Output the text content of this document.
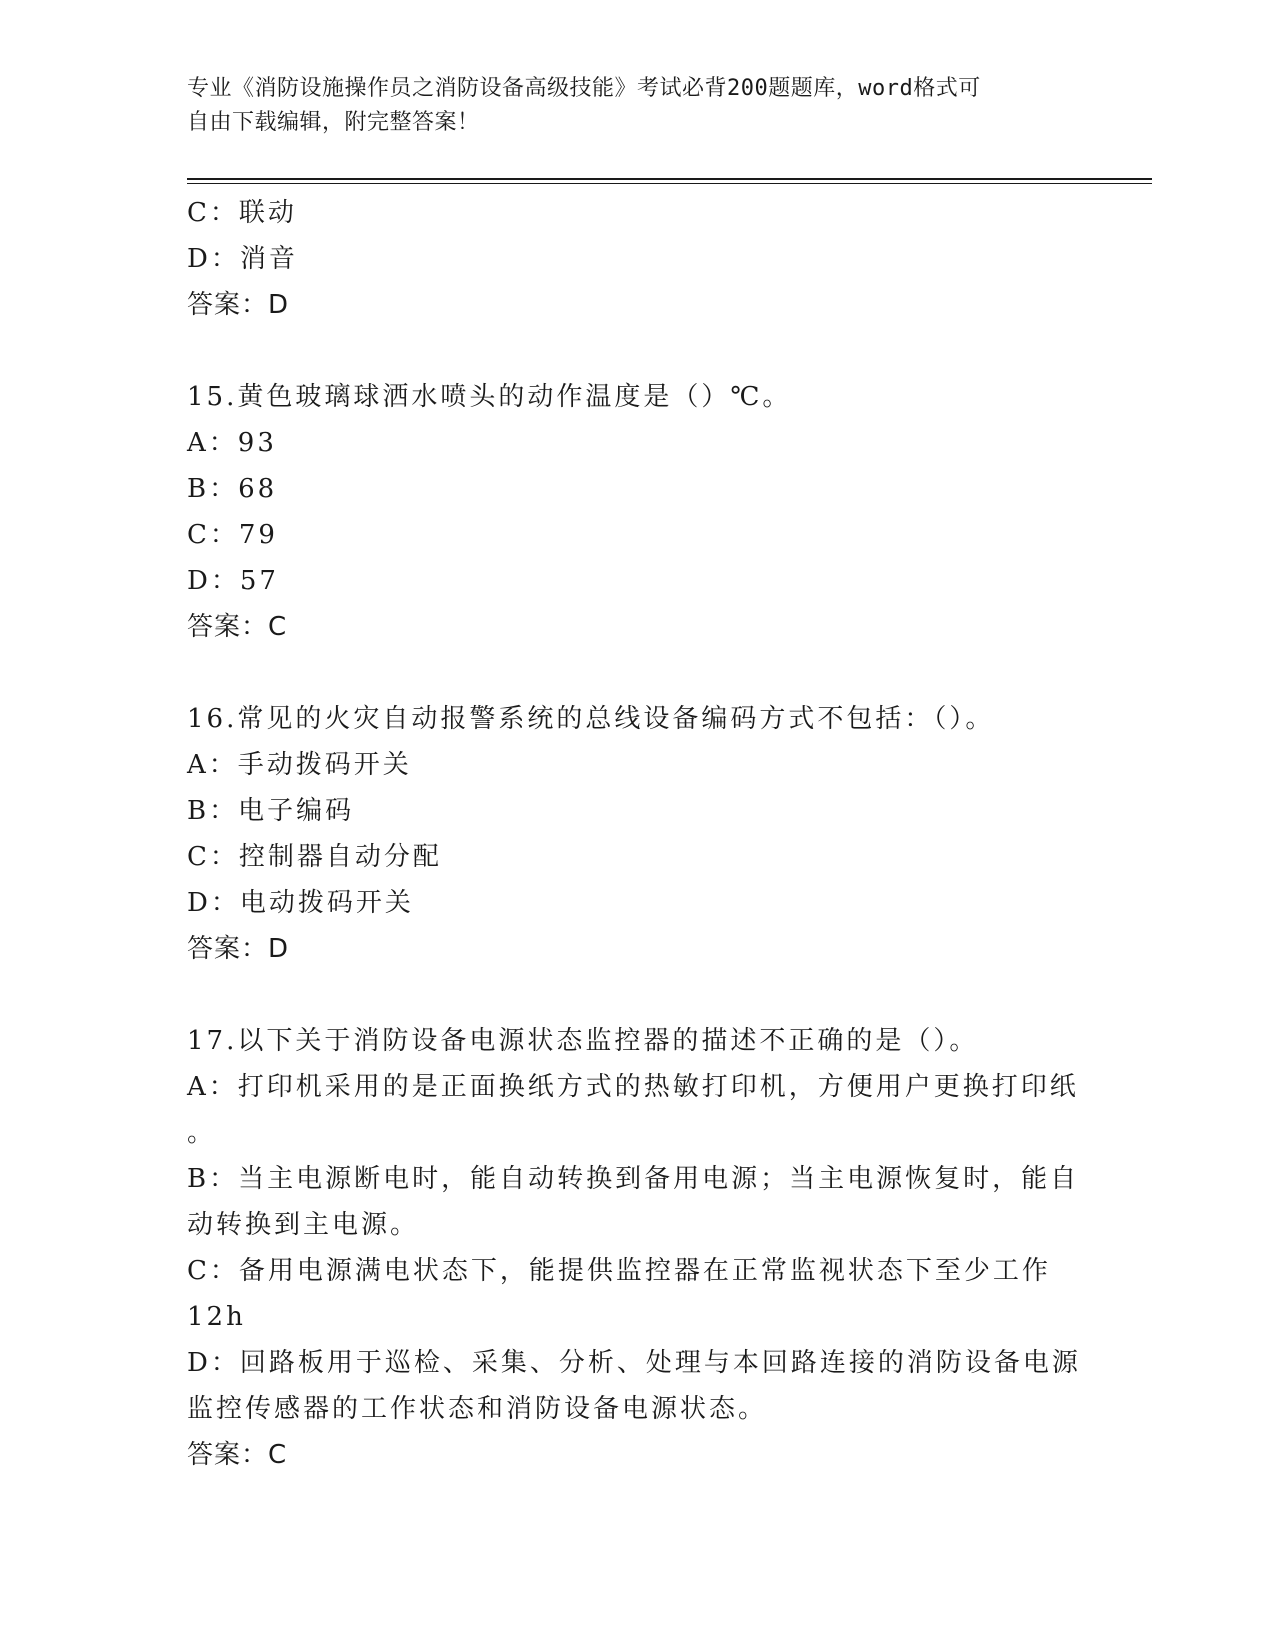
专业《消防设施操作员之消防设备高级技能》考试必背200题题库，word格式可
自由下载编辑，附完整答案！
C：联动
D：消音
答案：D
15.黄色玻璃球洒水喷头的动作温度是（）℃。
A：93
B：68
C：79
D：57
答案：C
16.常见的火灾自动报警系统的总线设备编码方式不包括：（）。
A：手动拨码开关
B：电子编码
C：控制器自动分配
D：电动拨码开关
答案：D
17.以下关于消防设备电源状态监控器的描述不正确的是（）。
A：打印机采用的是正面换纸方式的热敏打印机，方便用户更换打印纸
。
B：当主电源断电时，能自动转换到备用电源；当主电源恢复时，能自
动转换到主电源。
C：备用电源满电状态下，能提供监控器在正常监视状态下至少工作
12h
D：回路板用于巡检、采集、分析、处理与本回路连接的消防设备电源
监控传感器的工作状态和消防设备电源状态。
答案：C
